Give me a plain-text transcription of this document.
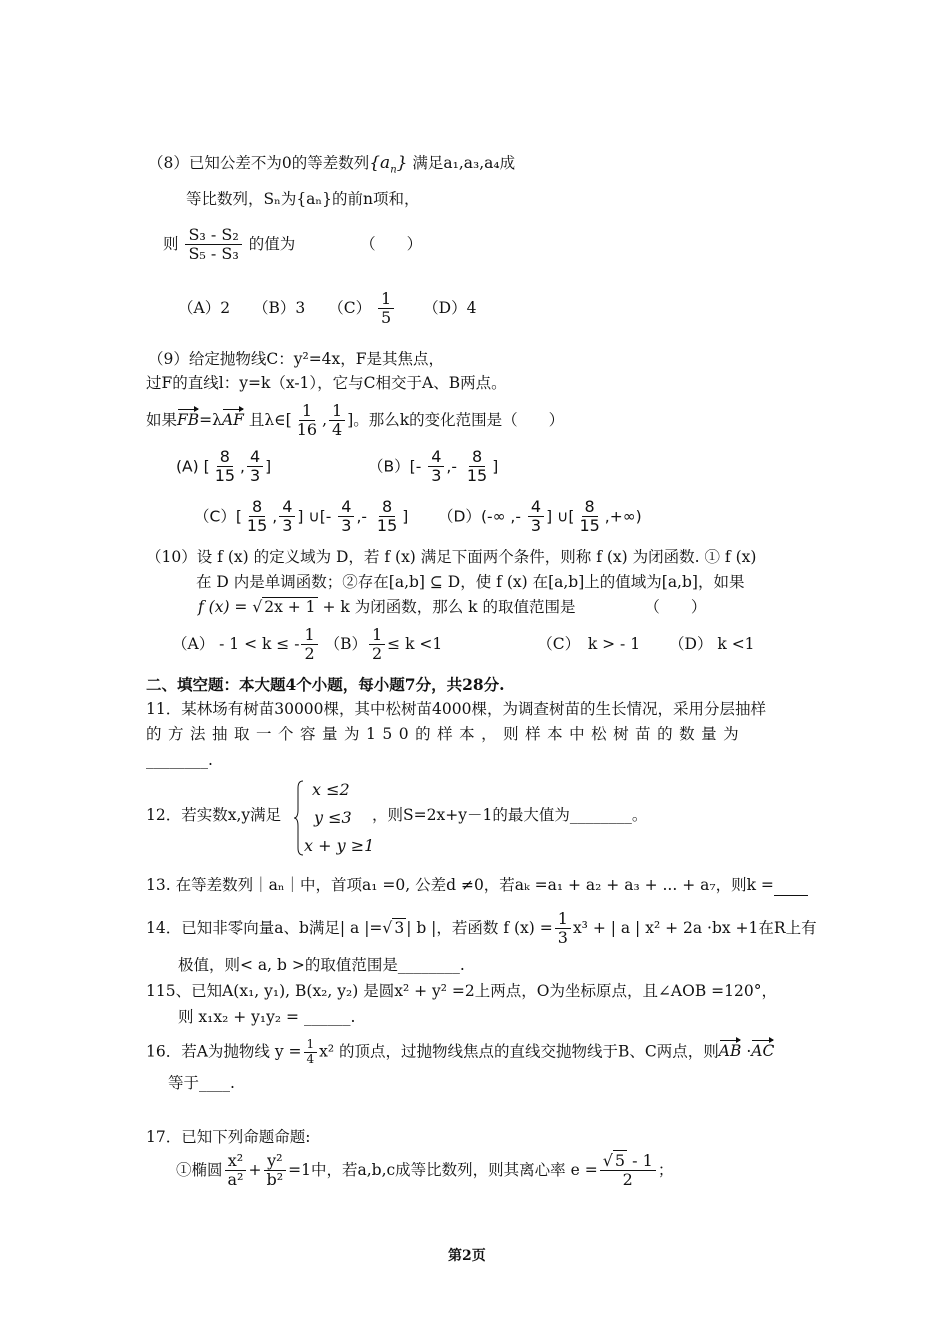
（8）已知公差不为0的等差数列$\{a_n\}$ 满足a₁,a₃,a₄成
等比数列，Sₙ为{aₙ}的前n项和，
则 $\frac{\text{S₃ - S₂}}{\text{S₅ - S₃}}$ 的值为	（　　）
（A）2 （B）3 $(C) \frac{1}{5} (D)4$
（9）给定抛物线C：y²=4x，F是其焦点，
过F的直线l：y=k（x-1），它与C相交于A、B两点。
如果FB=λAF 且λ∈[ $\frac{1}{16}$ , $\frac{1}{4}$ ]。那么k的变化范围是（　　）
(A) [ $\frac{8}{15}$ , $\frac{4}{3}$ ]	$(B)[- \frac{4}{3}$ ,- $\frac{8}{15}$ ]
$(C)[ \frac{8}{15}$ , $\frac{4}{3}$ ] ∪[- $\frac{4}{3}$ ,- $\frac{8}{15}$ ] （D）(-∞ ,- $\frac{4}{3}$ ] ∪[ $\frac{8}{15}$ ,+∞)
（10）设 f (x) 的定义域为 D，若 f (x) 满足下面两个条件，则称 f (x) 为闭函数. ① f (x)
在 D 内是单调函数；②存在[a,b] ⊆ D，使 f (x) 在[a,b]上的值域为[a,b]，如果
f (x) = √ 2x + 1 + k 为闭函数，那么 k 的取值范围是	（　　）
（A） - 1 < k ≤ - $\frac{1}{2} (B) \frac{1}{2} \le k <1$	（C）　k > - 1 （D） k <1
二、填空题：本大题4个小题，每小题7分，共28分.
11．某林场有树苗30000棵，其中松树苗4000棵，为调查树苗的生长情况，采用分层抽样
的方法抽取一个容量为150的样本，则样本中松树苗的数量为
________.
12．若实数x,y满足
x ≤2
y ≤3
x + y ≥1
，则S=2x+y－1的最大值为________。
13. 在等差数列｜aₙ｜中，首项a₁ =0, 公差d ≠0，若aₖ =a₁ + a₂ + a₃ + ... + a₇，则k =
14．已知非零向量a、b满足| a |=√ 3 | b |，若函数 f $(x) = \frac{1}{3} x^3$ + | a | x² + 2a ·bx +1在R上有
极值，则< a, b >的取值范围是________.
115、已知A(x₁, y₁), B(x₂, y₂) 是圆x² + y² =2上两点，O为坐标原点，且∠AOB =120°，
则 x₁x₂ + y₁y₂ = ______.
16．若A为抛物线 $y = \frac{1}{4} x^2$ 的顶点，过抛物线焦点的直线交抛物线于B、C两点，则AB ·AC
等于____.
17．已知下列命题命题:
①椭圆 $\frac{\text{x²}}{\text{a²}} + \frac{\text{y²}}{\text{b²}} =1$中，若a,b,c成等比数列，则其离心率 $e = \frac{√ 5 - 1}{2}$ ；
第2页
